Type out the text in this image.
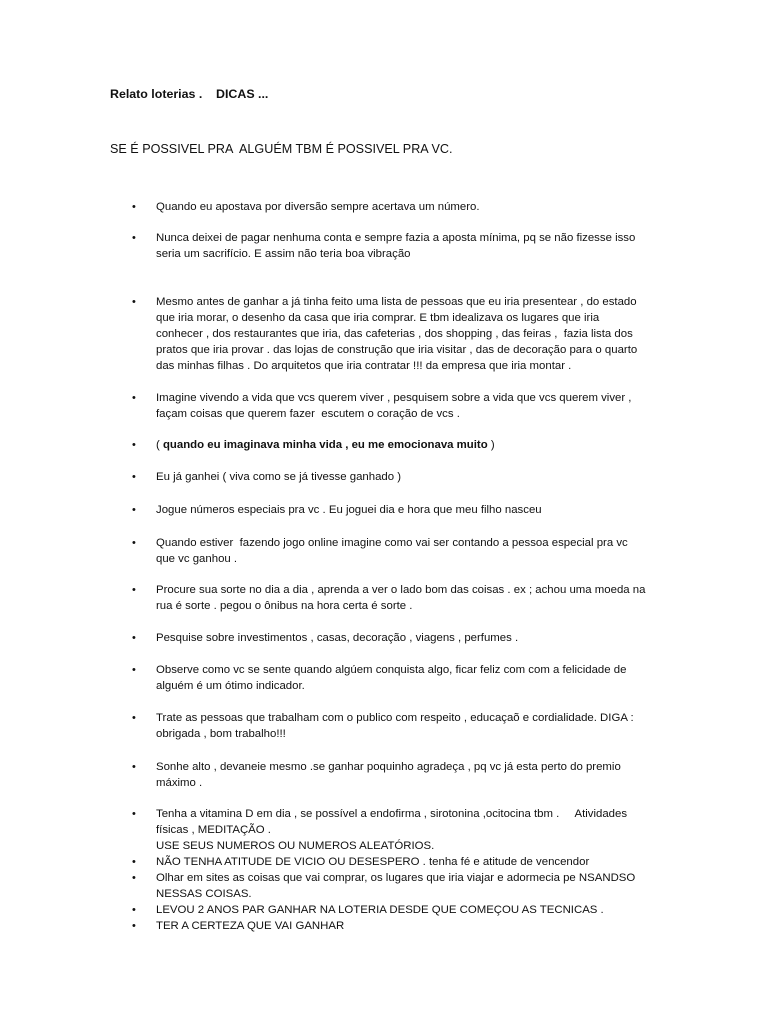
Relato loterias .    DICAS ...
SE É POSSIVEL PRA  ALGUÉM TBM É POSSIVEL PRA VC.
• Quando eu apostava por diversão sempre acertava um número.
• Nunca deixei de pagar nenhuma conta e sempre fazia a aposta mínima, pq se não fizesse isso
seria um sacrifício. E assim não teria boa vibração
• Mesmo antes de ganhar a já tinha feito uma lista de pessoas que eu iria presentear , do estado
que iria morar, o desenho da casa que iria comprar. E tbm idealizava os lugares que iria
conhecer , dos restaurantes que iria, das cafeterias , dos shopping , das feiras ,  fazia lista dos
pratos que iria provar . das lojas de construção que iria visitar , das de decoração para o quarto
das minhas filhas . Do arquitetos que iria contratar !!! da empresa que iria montar .
• Imagine vivendo a vida que vcs querem viver , pesquisem sobre a vida que vcs querem viver ,
façam coisas que querem fazer  escutem o coração de vcs .
• ( quando eu imaginava minha vida , eu me emocionava muito )
• Eu já ganhei ( viva como se já tivesse ganhado )
• Jogue números especiais pra vc . Eu joguei dia e hora que meu filho nasceu
• Quando estiver  fazendo jogo online imagine como vai ser contando a pessoa especial pra vc
que vc ganhou .
• Procure sua sorte no dia a dia , aprenda a ver o lado bom das coisas . ex ; achou uma moeda na
rua é sorte . pegou o ônibus na hora certa é sorte .
• Pesquise sobre investimentos , casas, decoração , viagens , perfumes .
• Observe como vc se sente quando algúem conquista algo, ficar feliz com com a felicidade de
alguém é um ótimo indicador.
• Trate as pessoas que trabalham com o publico com respeito , educaçaõ e cordialidade. DIGA :
obrigada , bom trabalho!!!
• Sonhe alto , devaneie mesmo .se ganhar poquinho agradeça , pq vc já esta perto do premio
máximo .
• Tenha a vitamina D em dia , se possível a endofirma , sirotonina ,ocitocina tbm .     Atividades
físicas , MEDITAÇÃO .
USE SEUS NUMEROS OU NUMEROS ALEATÓRIOS.
• NÃO TENHA ATITUDE DE VICIO OU DESESPERO . tenha fé e atitude de vencendor
• Olhar em sites as coisas que vai comprar, os lugares que iria viajar e adormecia pe NSANDSO
NESSAS COISAS.
• LEVOU 2 ANOS PAR GANHAR NA LOTERIA DESDE QUE COMEÇOU AS TECNICAS .
• TER A CERTEZA QUE VAI GANHAR
